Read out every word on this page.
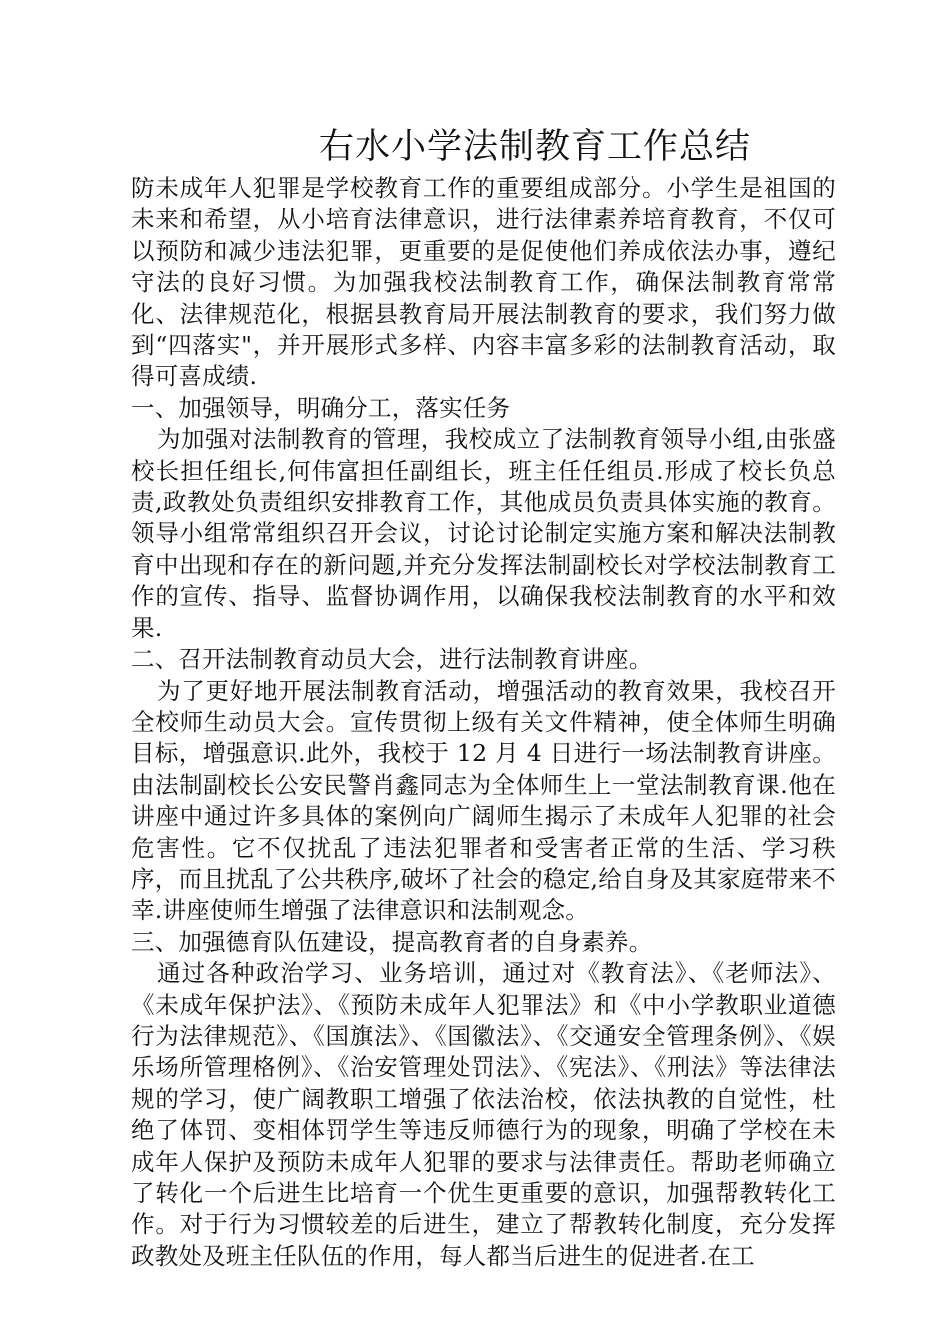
右水小学法制教育工作总结

防未成年人犯罪是学校教育工作的重要组成部分。小学生是祖国的未来和希望，从小培育法律意识，进行法律素养培育教育，不仅可以预防和减少违法犯罪，更重要的是促使他们养成依法办事，遵纪守法的良好习惯。为加强我校法制教育工作，确保法制教育常常化、法律规范化，根据县教育局开展法制教育的要求，我们努力做到“四落实"，并开展形式多样、内容丰富多彩的法制教育活动，取得可喜成绩.

一、加强领导，明确分工，落实任务

为加强对法制教育的管理，我校成立了法制教育领导小组,由张盛校长担任组长,何伟富担任副组长，班主任任组员.形成了校长负总责,政教处负责组织安排教育工作，其他成员负责具体实施的教育。领导小组常常组织召开会议，讨论讨论制定实施方案和解决法制教育中出现和存在的新问题,并充分发挥法制副校长对学校法制教育工作的宣传、指导、监督协调作用，以确保我校法制教育的水平和效果.

二、召开法制教育动员大会，进行法制教育讲座。

为了更好地开展法制教育活动，增强活动的教育效果，我校召开全校师生动员大会。宣传贯彻上级有关文件精神，使全体师生明确目标，增强意识.此外，我校于 12 月 4 日进行一场法制教育讲座。由法制副校长公安民警肖鑫同志为全体师生上一堂法制教育课.他在讲座中通过许多具体的案例向广阔师生揭示了未成年人犯罪的社会危害性。它不仅扰乱了违法犯罪者和受害者正常的生活、学习秩序，而且扰乱了公共秩序,破坏了社会的稳定,给自身及其家庭带来不幸.讲座使师生增强了法律意识和法制观念。

三、加强德育队伍建设，提高教育者的自身素养。

通过各种政治学习、业务培训，通过对《教育法》、《老师法》、《未成年保护法》、《预防未成年人犯罪法》和《中小学教职业道德行为法律规范》、《国旗法》、《国徽法》、《交通安全管理条例》、《娱乐场所管理格例》、《治安管理处罚法》、《宪法》、《刑法》等法律法规的学习，使广阔教职工增强了依法治校，依法执教的自觉性，杜绝了体罚、变相体罚学生等违反师德行为的现象，明确了学校在未成年人保护及预防未成年人犯罪的要求与法律责任。帮助老师确立了转化一个后进生比培育一个优生更重要的意识，加强帮教转化工作。对于行为习惯较差的后进生，建立了帮教转化制度，充分发挥政教处及班主任队伍的作用，每人都当后进生的促进者.在工
